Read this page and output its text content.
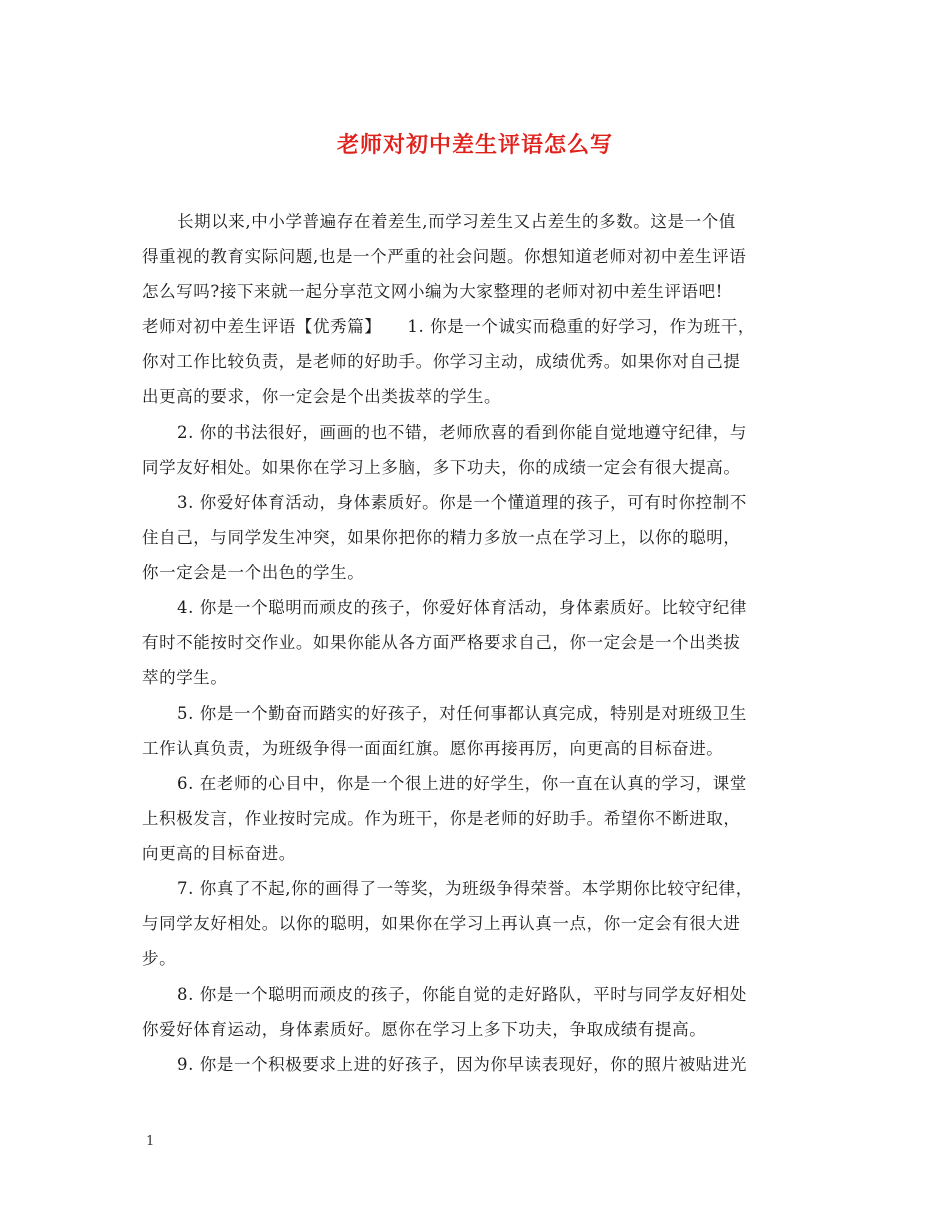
老师对初中差生评语怎么写
长期以来,中小学普遍存在着差生,而学习差生又占差生的多数。这是一个值
得重视的教育实际问题,也是一个严重的社会问题。你想知道老师对初中差生评语
怎么写吗?接下来就一起分享范文网小编为大家整理的老师对初中差生评语吧!
老师对初中差生评语【优秀篇】　　1. 你是一个诚实而稳重的好学习，作为班干，
你对工作比较负责，是老师的好助手。你学习主动，成绩优秀。如果你对自己提
出更高的要求，你一定会是个出类拔萃的学生。
2. 你的书法很好，画画的也不错，老师欣喜的看到你能自觉地遵守纪律，与
同学友好相处。如果你在学习上多脑，多下功夫，你的成绩一定会有很大提高。
3. 你爱好体育活动，身体素质好。你是一个懂道理的孩子，可有时你控制不
住自己，与同学发生冲突，如果你把你的精力多放一点在学习上，以你的聪明，
你一定会是一个出色的学生。
4. 你是一个聪明而顽皮的孩子，你爱好体育活动，身体素质好。比较守纪律
有时不能按时交作业。如果你能从各方面严格要求自己，你一定会是一个出类拔
萃的学生。
5. 你是一个勤奋而踏实的好孩子，对任何事都认真完成，特别是对班级卫生
工作认真负责，为班级争得一面面红旗。愿你再接再厉，向更高的目标奋进。
6. 在老师的心目中，你是一个很上进的好学生，你一直在认真的学习，课堂
上积极发言，作业按时完成。作为班干，你是老师的好助手。希望你不断进取，
向更高的目标奋进。
7. 你真了不起,你的画得了一等奖，为班级争得荣誉。本学期你比较守纪律，
与同学友好相处。以你的聪明，如果你在学习上再认真一点，你一定会有很大进
步。
8. 你是一个聪明而顽皮的孩子，你能自觉的走好路队，平时与同学友好相处
你爱好体育运动，身体素质好。愿你在学习上多下功夫，争取成绩有提高。
9. 你是一个积极要求上进的好孩子，因为你早读表现好，你的照片被贴进光
1
